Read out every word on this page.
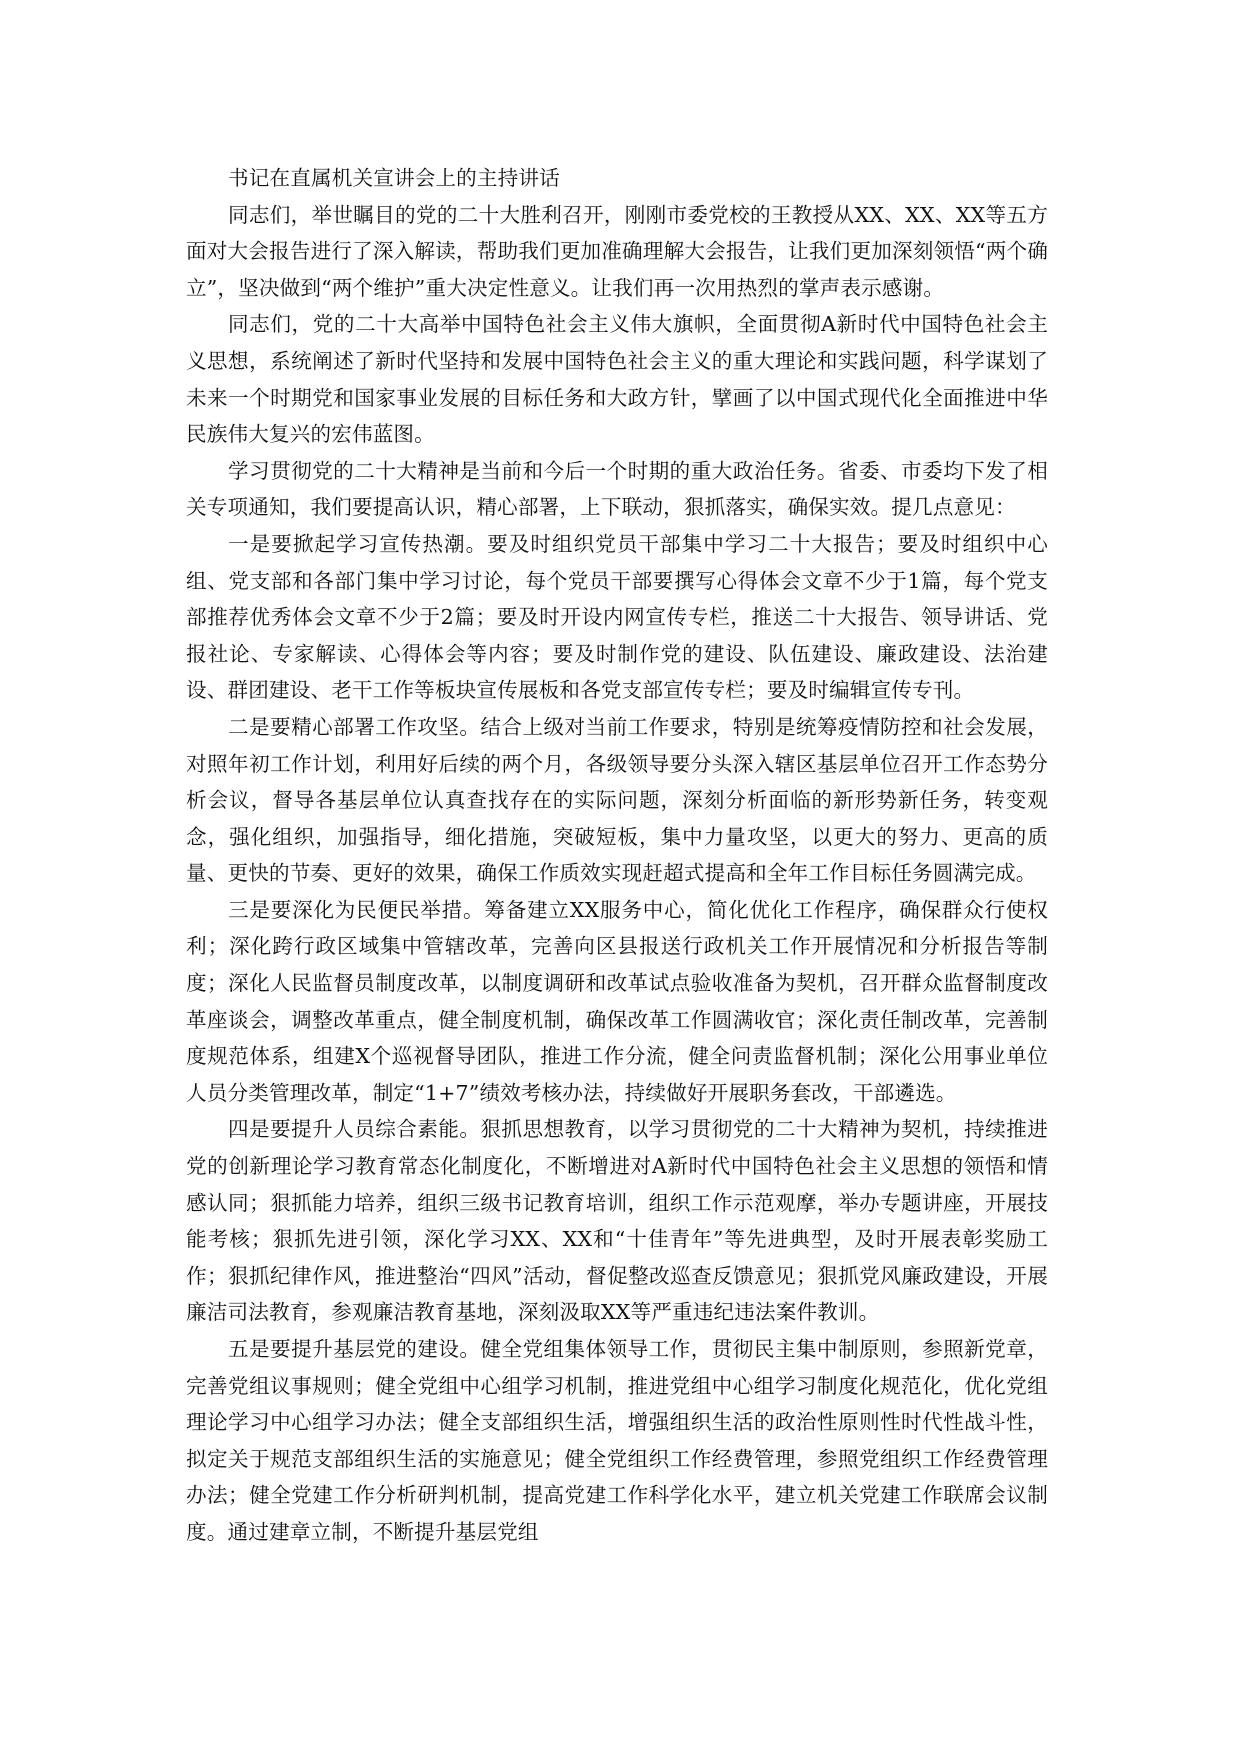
书记在直属机关宣讲会上的主持讲话

同志们，举世瞩目的党的二十大胜利召开，刚刚市委党校的王教授从XX、XX、XX等五方面对大会报告进行了深入解读，帮助我们更加准确理解大会报告，让我们更加深刻领悟“两个确立”，坚决做到“两个维护”重大决定性意义。让我们再一次用热烈的掌声表示感谢。

同志们，党的二十大高举中国特色社会主义伟大旗帜，全面贯彻A新时代中国特色社会主义思想，系统阐述了新时代坚持和发展中国特色社会主义的重大理论和实践问题，科学谋划了未来一个时期党和国家事业发展的目标任务和大政方针，擘画了以中国式现代化全面推进中华民族伟大复兴的宏伟蓝图。

学习贯彻党的二十大精神是当前和今后一个时期的重大政治任务。省委、市委均下发了相关专项通知，我们要提高认识，精心部署，上下联动，狠抓落实，确保实效。提几点意见：

一是要掀起学习宣传热潮。要及时组织党员干部集中学习二十大报告；要及时组织中心组、党支部和各部门集中学习讨论，每个党员干部要撰写心得体会文章不少于1篇，每个党支部推荐优秀体会文章不少于2篇；要及时开设内网宣传专栏，推送二十大报告、领导讲话、党报社论、专家解读、心得体会等内容；要及时制作党的建设、队伍建设、廉政建设、法治建设、群团建设、老干工作等板块宣传展板和各党支部宣传专栏；要及时编辑宣传专刊。

二是要精心部署工作攻坚。结合上级对当前工作要求，特别是统筹疫情防控和社会发展，对照年初工作计划，利用好后续的两个月，各级领导要分头深入辖区基层单位召开工作态势分析会议，督导各基层单位认真查找存在的实际问题，深刻分析面临的新形势新任务，转变观念，强化组织，加强指导，细化措施，突破短板，集中力量攻坚，以更大的努力、更高的质量、更快的节奏、更好的效果，确保工作质效实现赶超式提高和全年工作目标任务圆满完成。

三是要深化为民便民举措。筹备建立XX服务中心，简化优化工作程序，确保群众行使权利；深化跨行政区域集中管辖改革，完善向区县报送行政机关工作开展情况和分析报告等制度；深化人民监督员制度改革，以制度调研和改革试点验收准备为契机，召开群众监督制度改革座谈会，调整改革重点，健全制度机制，确保改革工作圆满收官；深化责任制改革，完善制度规范体系，组建X个巡视督导团队，推进工作分流，健全问责监督机制；深化公用事业单位人员分类管理改革，制定“1+7”绩效考核办法，持续做好开展职务套改，干部遴选。

四是要提升人员综合素能。狠抓思想教育，以学习贯彻党的二十大精神为契机，持续推进党的创新理论学习教育常态化制度化，不断增进对A新时代中国特色社会主义思想的领悟和情感认同；狠抓能力培养，组织三级书记教育培训，组织工作示范观摩，举办专题讲座，开展技能考核；狠抓先进引领，深化学习XX、XX和“十佳青年”等先进典型，及时开展表彰奖励工作；狠抓纪律作风，推进整治“四风”活动，督促整改巡查反馈意见；狠抓党风廉政建设，开展廉洁司法教育，参观廉洁教育基地，深刻汲取XX等严重违纪违法案件教训。

五是要提升基层党的建设。健全党组集体领导工作，贯彻民主集中制原则，参照新党章，完善党组议事规则；健全党组中心组学习机制，推进党组中心组学习制度化规范化，优化党组理论学习中心组学习办法；健全支部组织生活，增强组织生活的政治性原则性时代性战斗性，拟定关于规范支部组织生活的实施意见；健全党组织工作经费管理，参照党组织工作经费管理办法；健全党建工作分析研判机制，提高党建工作科学化水平，建立机关党建工作联席会议制度。通过建章立制，不断提升基层党组
